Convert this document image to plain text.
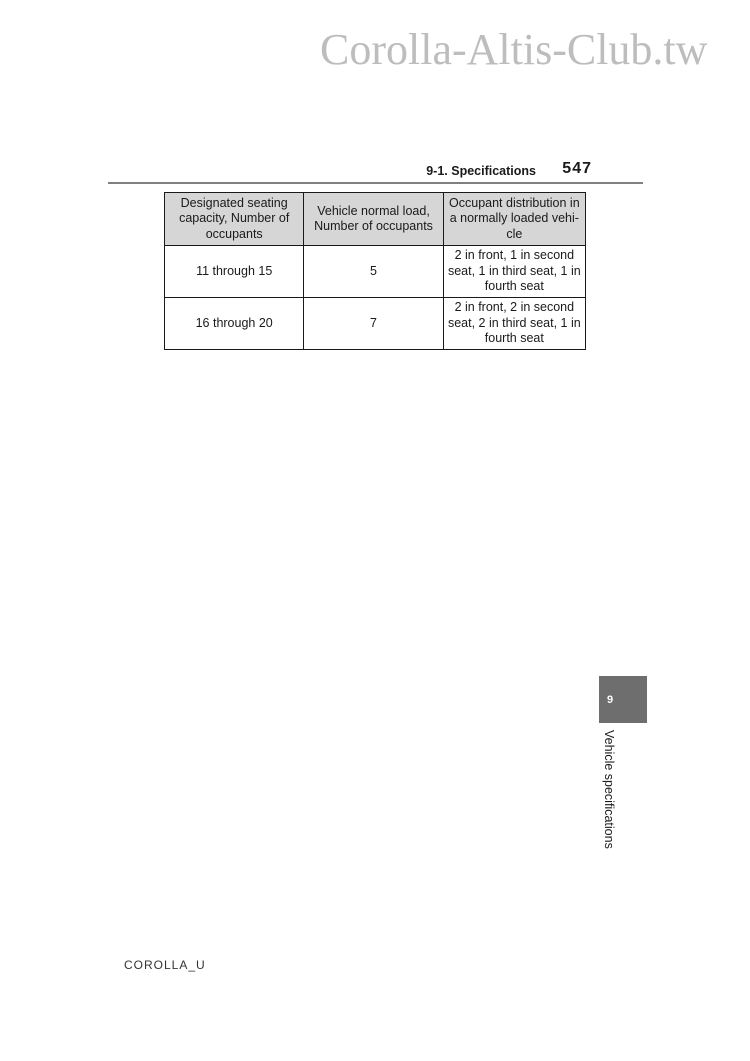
Corolla-Altis-Club.tw
9-1. Specifications 547
Designated seating capacity, Number of occupants	Vehicle normal load, Number of occupants	Occupant distribution in a normally loaded vehi-cle
11 through 15	5	2 in front, 1 in second seat, 1 in third seat, 1 in fourth seat
16 through 20	7	2 in front, 2 in second seat, 2 in third seat, 1 in fourth seat
9
Vehicle specifications
COROLLA_U
